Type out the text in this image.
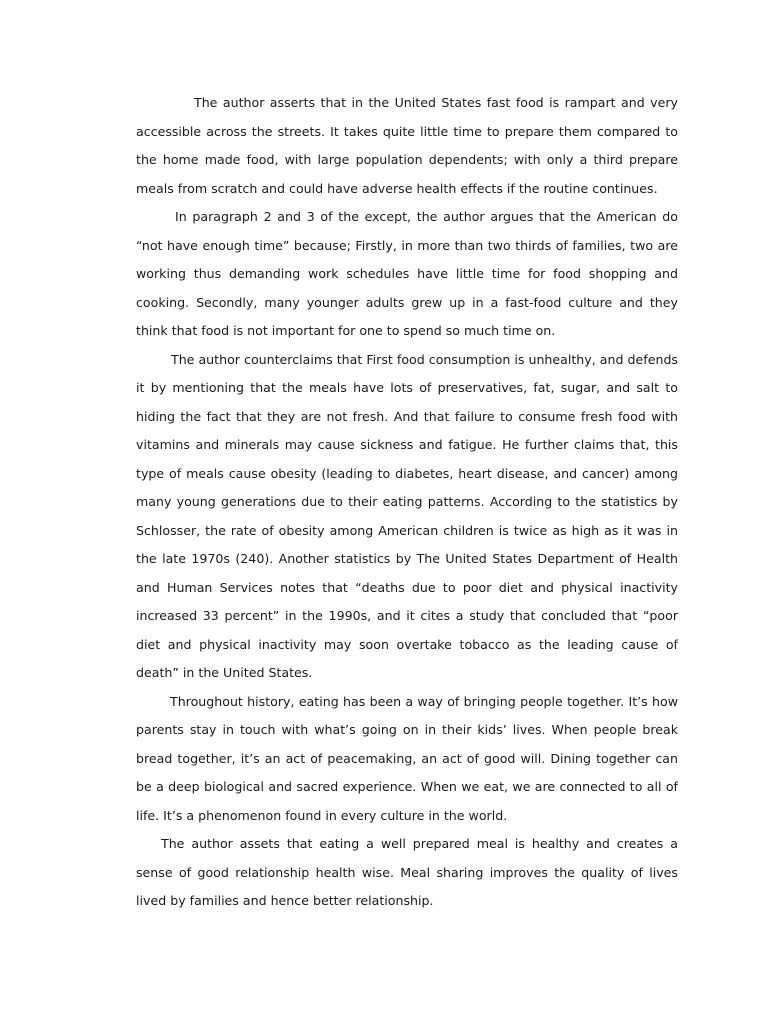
The author asserts that in the United States fast food is rampart and very accessible across the streets. It takes quite little time to prepare them compared to the home made food, with large population dependents; with only a third prepare meals from scratch and could have adverse health effects if the routine continues.

In paragraph 2 and 3 of the except, the author argues that the American do “not have enough time” because; Firstly, in more than two thirds of families, two are working thus demanding work schedules have little time for food shopping and cooking. Secondly, many younger adults grew up in a fast-food culture and they think that food is not important for one to spend so much time on.

The author counterclaims that First food consumption is unhealthy, and defends it by mentioning that the meals have lots of preservatives, fat, sugar, and salt to hiding the fact that they are not fresh. And that failure to consume fresh food with vitamins and minerals may cause sickness and fatigue. He further claims that, this type of meals cause obesity (leading to diabetes, heart disease, and cancer) among many young generations due to their eating patterns. According to the statistics by Schlosser, the rate of obesity among American children is twice as high as it was in the late 1970s (240). Another statistics by The United States Department of Health and Human Services notes that “deaths due to poor diet and physical inactivity increased 33 percent” in the 1990s, and it cites a study that concluded that “poor diet and physical inactivity may soon overtake tobacco as the leading cause of death” in the United States.

Throughout history, eating has been a way of bringing people together. It’s how parents stay in touch with what’s going on in their kids’ lives. When people break bread together, it’s an act of peacemaking, an act of good will. Dining together can be a deep biological and sacred experience. When we eat, we are connected to all of life. It’s a phenomenon found in every culture in the world.

The author assets that eating a well prepared meal is healthy and creates a sense of good relationship health wise. Meal sharing improves the quality of lives lived by families and hence better relationship.
